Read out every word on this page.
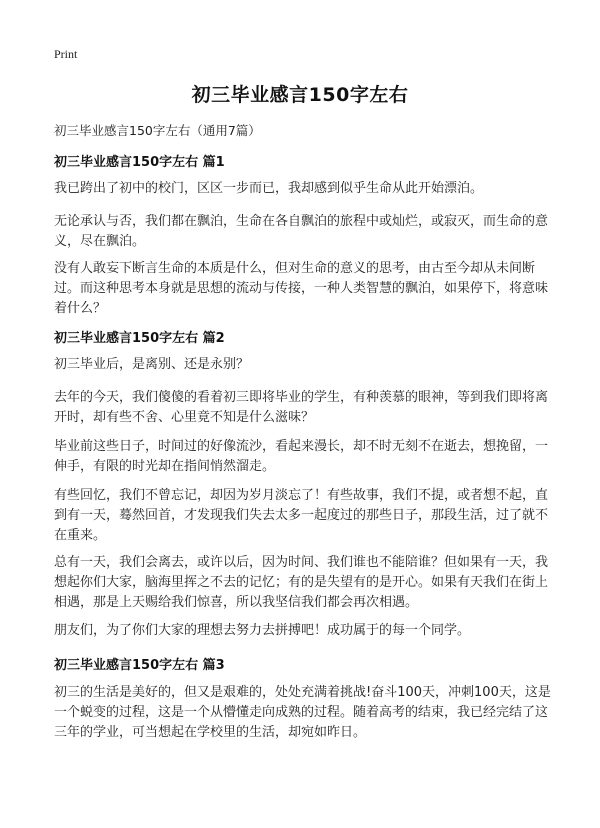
Print
初三毕业感言150字左右
初三毕业感言150字左右（通用7篇）
初三毕业感言150字左右 篇1

我已跨出了初中的校门，区区一步而已，我却感到似乎生命从此开始漂泊。

无论承认与否，我们都在飘泊，生命在各自飘泊的旅程中或灿烂，或寂灭，而生命的意义，尽在飘泊。

没有人敢妄下断言生命的本质是什么，但对生命的意义的思考，由古至今却从未间断过。而这种思考本身就是思想的流动与传接，一种人类智慧的飘泊，如果停下，将意味着什么？

初三毕业感言150字左右 篇2

初三毕业后，是离别、还是永别？

去年的今天，我们傻傻的看着初三即将毕业的学生，有种羡慕的眼神，等到我们即将离开时，却有些不舍、心里竟不知是什么滋味？

毕业前这些日子，时间过的好像流沙，看起来漫长，却不时无刻不在逝去，想挽留，一伸手，有限的时光却在指间悄然溜走。

有些回忆，我们不曾忘记，却因为岁月淡忘了！有些故事，我们不提，或者想不起，直到有一天，蓦然回首，才发现我们失去太多一起度过的那些日子，那段生活，过了就不在重来。

总有一天，我们会离去，或许以后，因为时间、我们谁也不能陪谁？但如果有一天，我想起你们大家，脑海里挥之不去的记忆；有的是失望有的是开心。如果有天我们在街上相遇，那是上天赐给我们惊喜，所以我坚信我们都会再次相遇。

朋友们，为了你们大家的理想去努力去拼搏吧！成功属于的每一个同学。

初三毕业感言150字左右 篇3

初三的生活是美好的，但又是艰难的，处处充满着挑战!奋斗100天，冲刺100天，这是一个蜕变的过程，这是一个从懵懂走向成熟的过程。随着高考的结束，我已经完结了这三年的学业，可当想起在学校里的生活，却宛如昨日。
